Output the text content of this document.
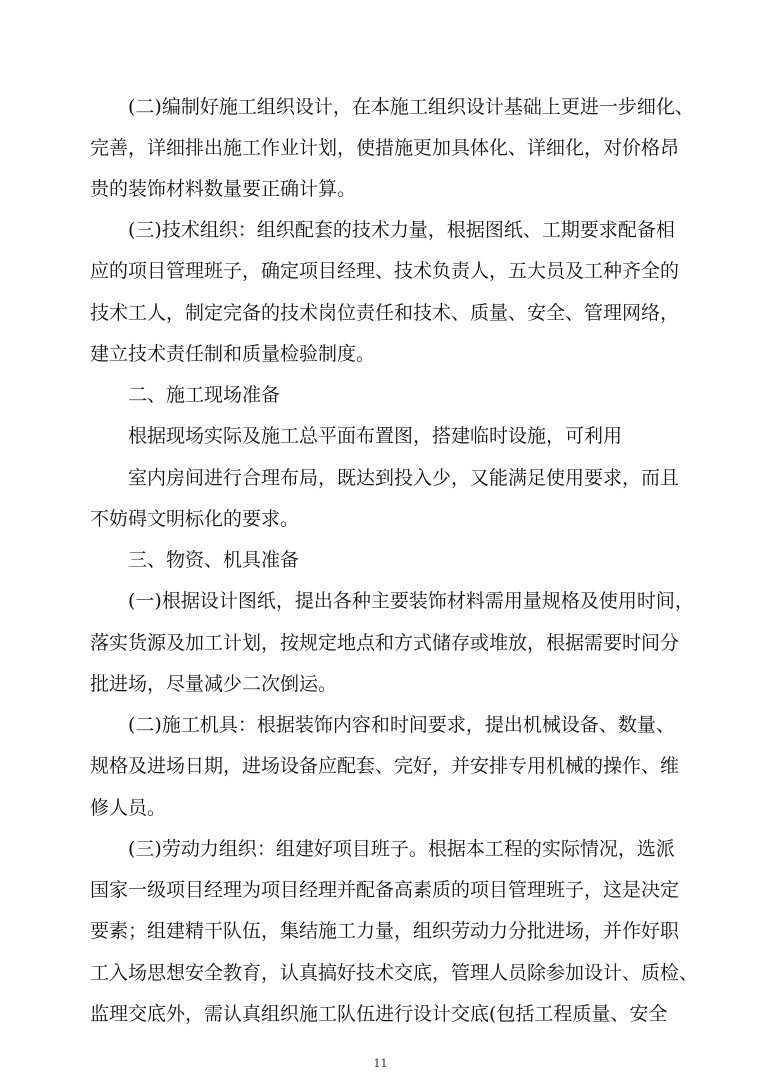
(二)编制好施工组织设计，在本施工组织设计基础上更进一步细化、
完善，详细排出施工作业计划，使措施更加具体化、详细化，对价格昂
贵的装饰材料数量要正确计算。
(三)技术组织：组织配套的技术力量，根据图纸、工期要求配备相
应的项目管理班子，确定项目经理、技术负责人，五大员及工种齐全的
技术工人，制定完备的技术岗位责任和技术、质量、安全、管理网络，
建立技术责任制和质量检验制度。
二、施工现场准备
根据现场实际及施工总平面布置图，搭建临时设施，可利用
室内房间进行合理布局，既达到投入少，又能满足使用要求，而且
不妨碍文明标化的要求。
三、物资、机具准备
(一)根据设计图纸，提出各种主要装饰材料需用量规格及使用时间，
落实货源及加工计划，按规定地点和方式储存或堆放，根据需要时间分
批进场，尽量减少二次倒运。
(二)施工机具：根据装饰内容和时间要求，提出机械设备、数量、
规格及进场日期，进场设备应配套、完好，并安排专用机械的操作、维
修人员。
(三)劳动力组织：组建好项目班子。根据本工程的实际情况，选派
国家一级项目经理为项目经理并配备高素质的项目管理班子，这是决定
要素；组建精干队伍，集结施工力量，组织劳动力分批进场，并作好职
工入场思想安全教育，认真搞好技术交底，管理人员除参加设计、质检、
监理交底外，需认真组织施工队伍进行设计交底(包括工程质量、安全
11
